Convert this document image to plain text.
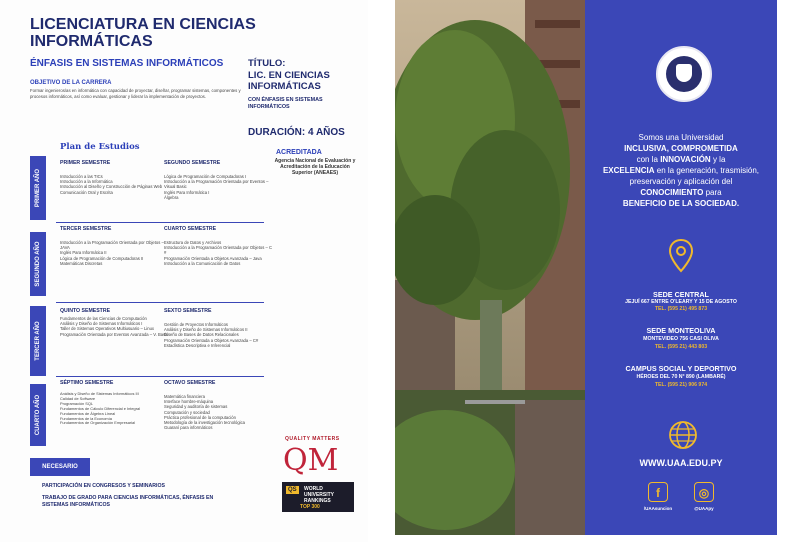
LICENCIATURA EN CIENCIAS INFORMÁTICAS
ÉNFASIS EN SISTEMAS INFORMÁTICOS
OBJETIVO DE LA CARRERA
Formar ingenieros/as en informática con capacidad de proyectar, diseñar, programar sistemas, componentes y procesos informáticos, así como evaluar, gestionar y liderar la implementación de proyectos.
TÍTULO:
LIC. EN CIENCIAS INFORMÁTICAS
CON ÉNFASIS EN SISTEMAS INFORMÁTICOS
DURACIÓN: 4 AÑOS
ACREDITADA
Agencia Nacional de Evaluación y Acreditación de la Educación Superior (ANEAES)
Plan de Estudios
PRIMER AÑO
PRIMER SEMESTRE
Introducción a las TICs
Introducción a la Informática
Introducción al Diseño y Construcción de Páginas Web
Comunicación Oral y Escrita
SEGUNDO SEMESTRE
Lógica de Programación de Computadoras I
Introducción a la Programación Orientada por Eventos – Visual Basic
Inglés Para Informática I
Álgebra
SEGUNDO AÑO
TERCER SEMESTRE
Introducción a la Programación Orientada por Objetos – JAVA
Inglés Para Informática II
Lógica de Programación de Computadoras II
Matemáticas Discretas
CUARTO SEMESTRE
Estructura de Datos y Archivos
Introducción a la Programación Orientada por Objetos – C #
Programación Orientada a Objetos Avanzada – Java
Introducción a la Comunicación de Datos
TERCER AÑO
QUINTO SEMESTRE
Fundamentos de las Ciencias de Computación
Análisis y Diseño de Sistemas Informáticos I
Taller de Sistemas Operativos Multiusuario – Linux
Programación Orientada por Eventos Avanzada – V. Basic
SEXTO SEMESTRE
Gestión de Proyectos Informáticos
Análisis y Diseño de Sistemas Informáticos II
Diseño de Bases de Datos Relacionales
Programación Orientada a Objetos Avanzada – C#
Estadística Descriptiva e Inferencial
CUARTO AÑO
SÉPTIMO SEMESTRE
Análisis y Diseño de Sistemas Informáticos III
Calidad de Software
Programación SQL
Fundamentos de Cálculo Diferencial e Integral
Fundamentos de Álgebra Lineal
Fundamentos de la Economía
Fundamentos de Organización Empresarial
OCTAVO SEMESTRE
Matemática financiera
Interface hombre-máquina
Seguridad y auditoría de sistemas
Computación y sociedad
Práctica profesional de la computación
Metodología de la investigación tecnológica
Guaraní para informáticos
NECESARIO
PARTICIPACIÓN EN CONGRESOS Y SEMINARIOS
TRABAJO DE GRADO PARA CIENCIAS INFORMÁTICAS, ÉNFASIS EN SISTEMAS INFORMÁTICOS
QUALITY MATTERS
QM
QS	WORLD UNIVERSITY RANKINGS
TOP 300
Somos una Universidad
INCLUSIVA, COMPROMETIDA
con la INNOVACIÓN y la
EXCELENCIA en la generación, trasmisión, preservación y aplicación del CONOCIMIENTO para
BENEFICIO DE LA SOCIEDAD.
SEDE CENTRAL
JEJUÍ 667 ENTRE O'LEARY Y 15 DE AGOSTO
TEL. (595 21) 495 873
SEDE MONTEOLIVA
MONTEVIDEO 756 CASI OLIVA
TEL. (595 21) 443 803
CAMPUS SOCIAL Y DEPORTIVO
HÉROES DEL 70 N° 890 (LAMBARÉ)
TEL. (595 21) 906 974
WWW.UAA.EDU.PY
f
/UAAsuncion
◎
@UAApy
